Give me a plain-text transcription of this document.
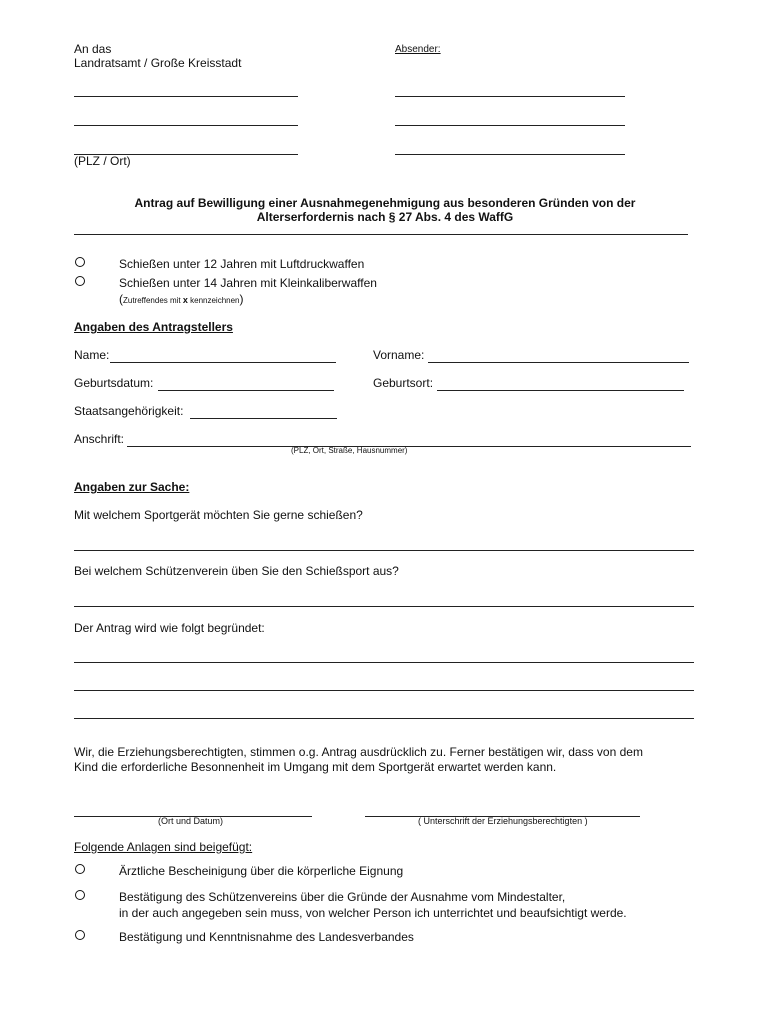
An das
Landratsamt / Große Kreisstadt
Absender:
(PLZ / Ort)
Antrag auf Bewilligung einer Ausnahmegenehmigung aus besonderen Gründen von der
Alterserfordernis nach § 27 Abs. 4 des WaffG
Schießen unter 12 Jahren mit Luftdruckwaffen
Schießen unter 14 Jahren mit Kleinkaliberwaffen
(Zutreffendes mit x kennzeichnen)
Angaben des Antragstellers
Name:	Vorname:
Geburtsdatum:	Geburtsort:
Staatsangehörigkeit:
Anschrift:
(PLZ, Ort, Straße, Hausnummer)
Angaben zur Sache:
Mit welchem Sportgerät möchten Sie gerne schießen?
Bei welchem Schützenverein üben Sie den Schießsport aus?
Der Antrag wird wie folgt begründet:
Wir, die Erziehungsberechtigten, stimmen o.g. Antrag ausdrücklich zu. Ferner bestätigen wir, dass von dem
Kind die erforderliche Besonnenheit im Umgang mit dem Sportgerät erwartet werden kann.
(Ort und Datum)	( Unterschrift der Erziehungsberechtigten )
Folgende Anlagen sind beigefügt:
Ärztliche Bescheinigung über die körperliche Eignung
Bestätigung des Schützenvereins über die Gründe der Ausnahme vom Mindestalter,
in der auch angegeben sein muss, von welcher Person ich unterrichtet und beaufsichtigt werde.
Bestätigung und Kenntnisnahme des Landesverbandes
